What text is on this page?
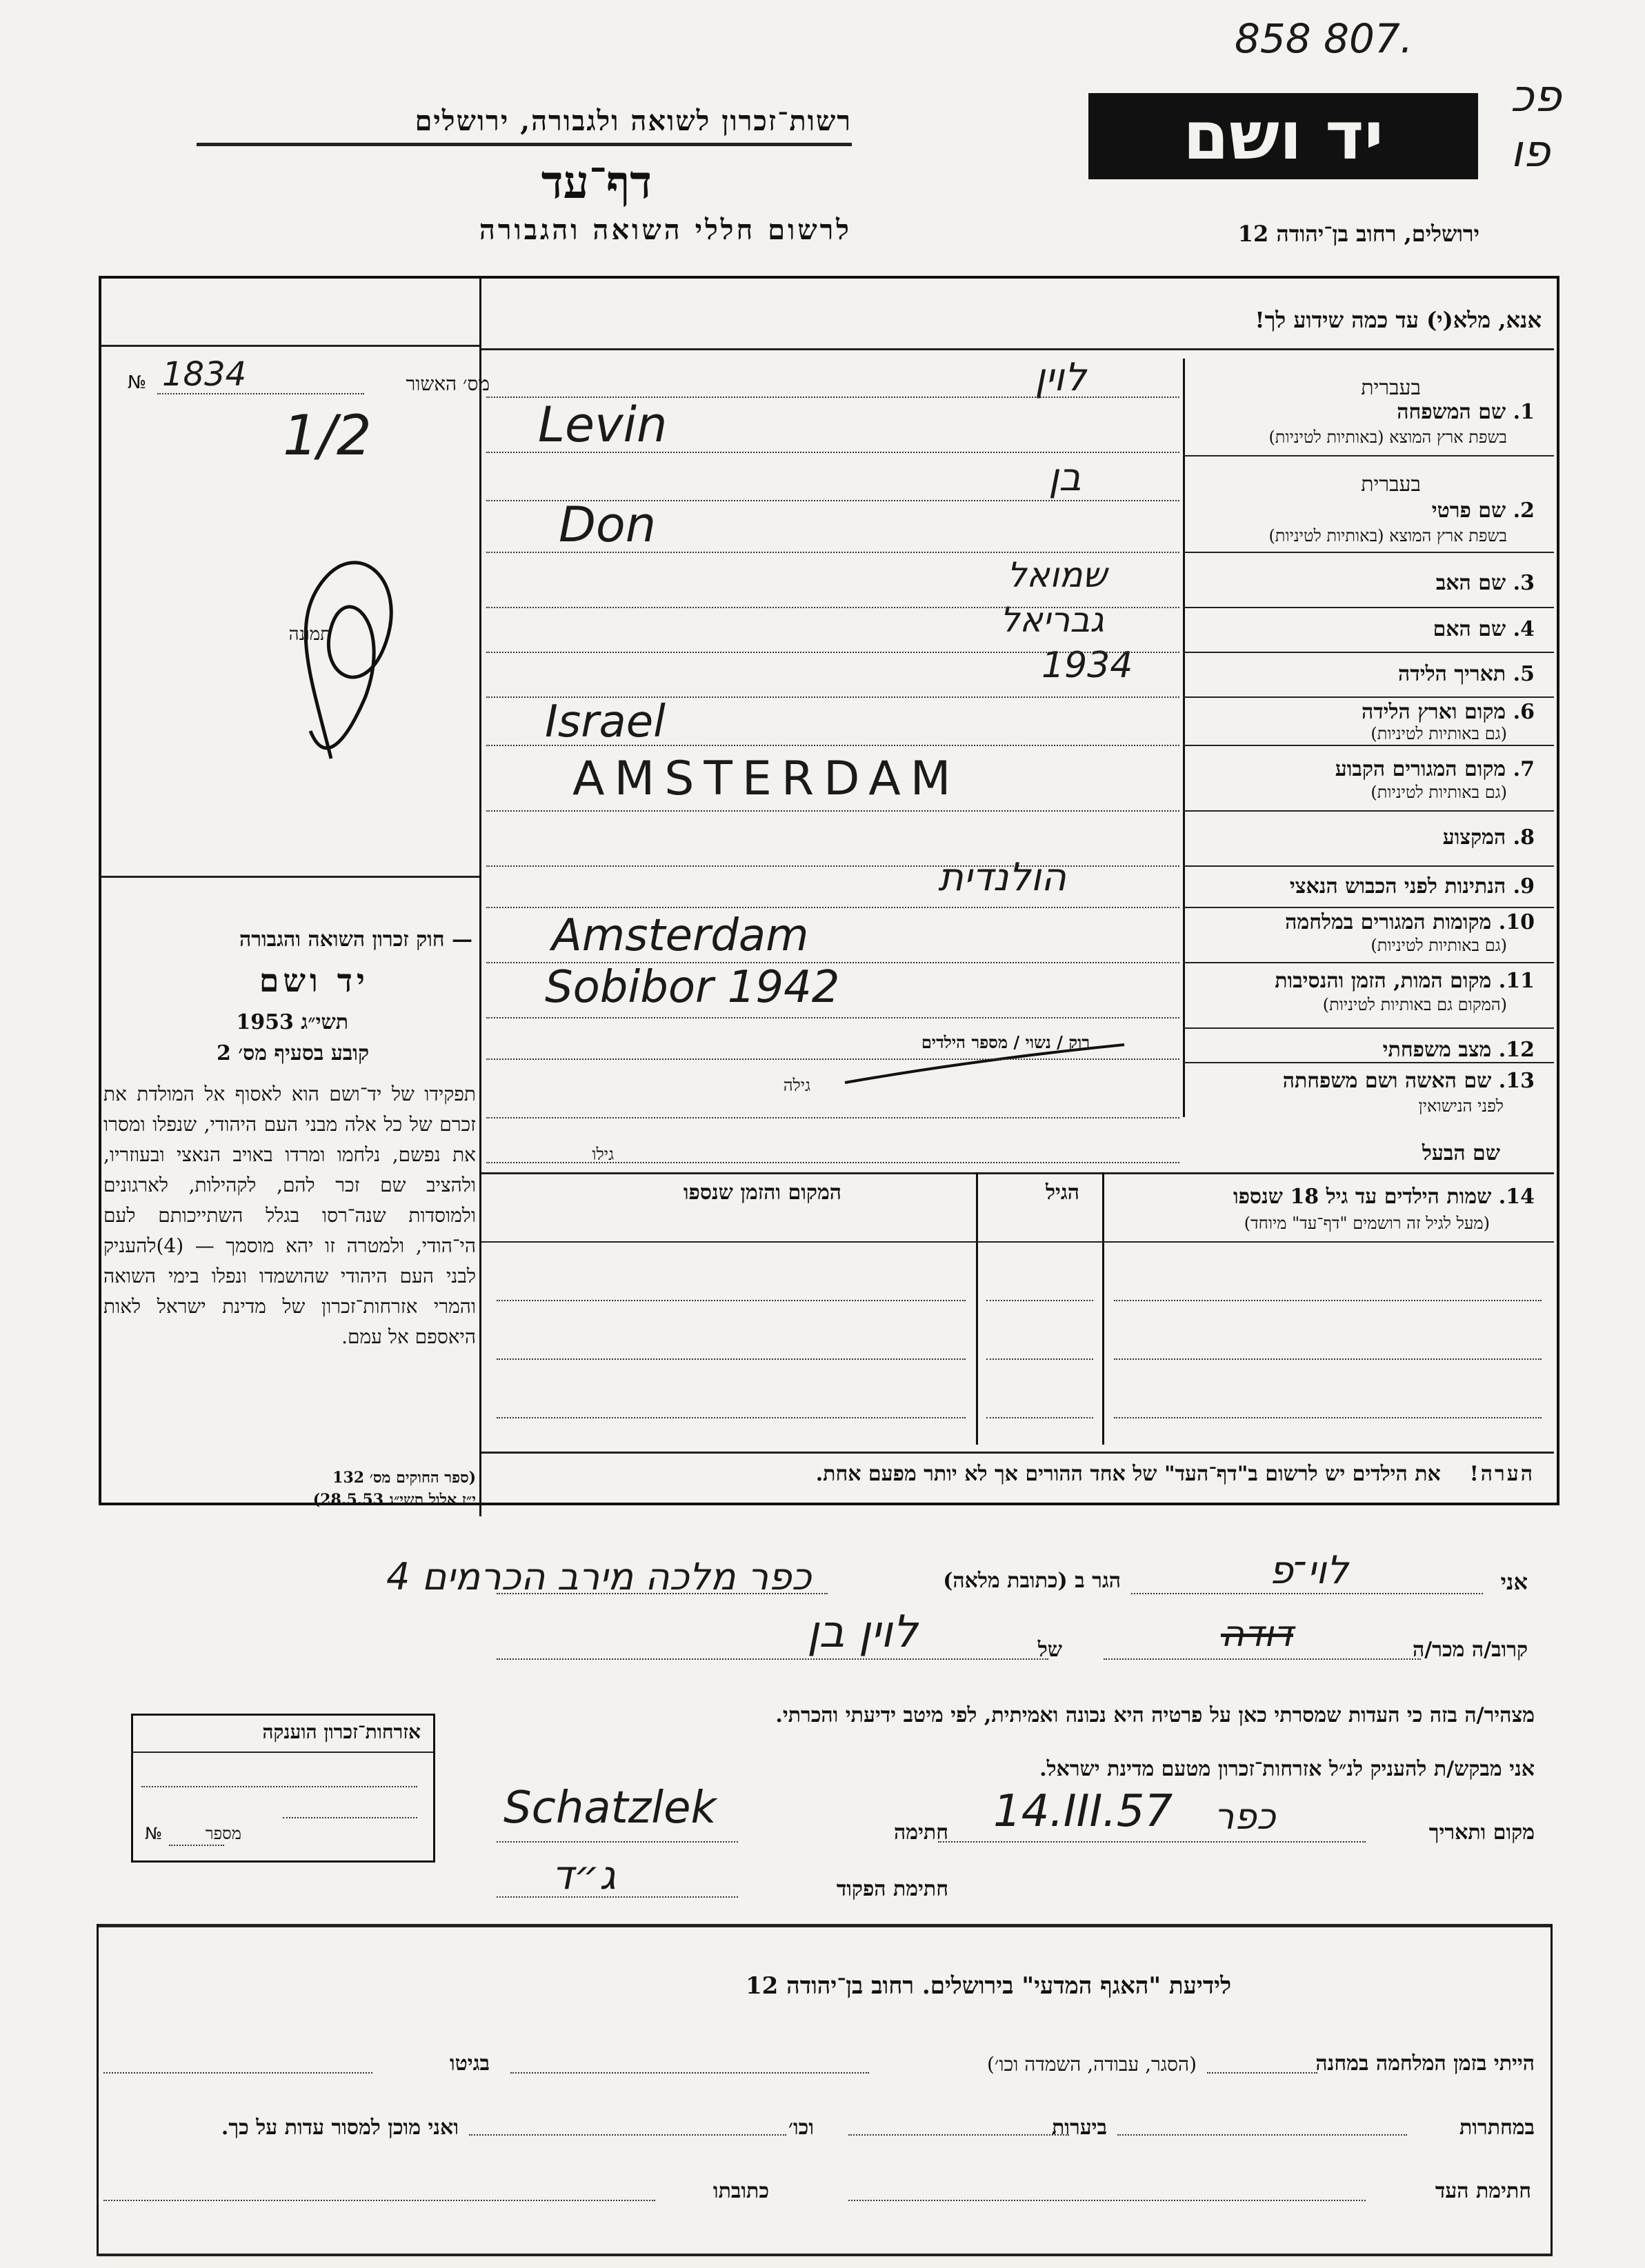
858 807.
פכ
פו
רשות־זכרון לשואה ולגבורה, ירושלים
דף־עד
לרשום חללי השואה והגבורה
יד ושם
ירושלים, רחוב בן־יהודה 12
אנא, מלא(י) עד כמה שידוע לך!
№ 1834	מס׳ האשור
1/2
תמונה
— חוק זכרון השואה והגבורה
יד ושם
תשי״ג 1953
קובע בסעיף מס׳ 2
תפקידו של יד־ושם הוא לאסוף אל המולדת את זכרם של כל אלה מבני העם היהודי, שנפלו ומסרו את נפשם, נלחמו ומרדו באויב הנאצי ובעוזריו, ולהציב שם זכר להם, לקהילות, לארגונים ולמוסדות שנה־רסו בגלל השתייכותם לעם הי־הודי, ולמטרה זו יהא מוסמך — (4)להעניק לבני העם היהודי שהושמדו ונפלו בימי השואה והמרי אזרחות־זכרון של מדינת ישראל לאות היאספם אל עמם.
(ספר החוקים מס׳ 132
י״ז אלול תשי״ג 28.5.53)
בעברית
1. שם המשפחה
בשפת ארץ המוצא (באותיות לטיניות)
לוין
Levin
בעברית
2. שם פרטי
בשפת ארץ המוצא (באותיות לטיניות)
בן
Don
3. שם האב
שמואל
4. שם האם
גבריאל
5. תאריך הלידה
1934
6. מקום וארץ הלידה
(גם באותיות לטיניות)
Israel
7. מקום המגורים הקבוע
(גם באותיות לטיניות)
AMSTERDAM
8. המקצוע
9. הנתינות לפני הכבוש הנאצי
הולנדית
10. מקומות המגורים במלחמה
(גם באותיות לטיניות)
Amsterdam
11. מקום המות, הזמן והנסיבות
(המקום גם באותיות לטיניות)
Sobibor 1942
12. מצב משפחתי
רוק / נשוי / מספר הילדים
13. שם האשה ושם משפחתה
לפני הנישואין
גילה
שם הבעל
גילו
14. שמות הילדים עד גיל 18 שנספו
(מעל לגיל זה רושמים "דף־עד" מיוחד)
הגיל
המקום והזמן שנספו
הערה!    את הילדים יש לרשום ב"דף־העד" של אחד ההורים אך לא יותר מפעם אחת.
אני
לוי־פ
הגר ב (כתובת מלאה)
כפר מלכה מירב הכרמים 4
קרוב/ה מכר/ה
דודה
של
לוין בן
מצהיר/ה בזה כי העדות שמסרתי כאן על פרטיה היא נכונה ואמיתית, לפי מיטב ידיעתי והכרתי.
אני מבקש/ת להעניק לנ״ל אזרחות־זכרון מטעם מדינת ישראל.
מקום ותאריך
כפר
14.III.57
חתימה
Schatzlek
חתימת הפקוד
ג״ד
אזרחות־זכרון הוענקה
№	מספר
לידיעת "האגף המדעי" בירושלים. רחוב בן־יהודה 12
הייתי בזמן המלחמה במחנה
(הסגר, עבודה, השמדה וכו׳)
בגיטו
במחתרות
ביערות
וכו׳
ואני מוכן למסור עדות על כך.
חתימת העד
כתובתו
